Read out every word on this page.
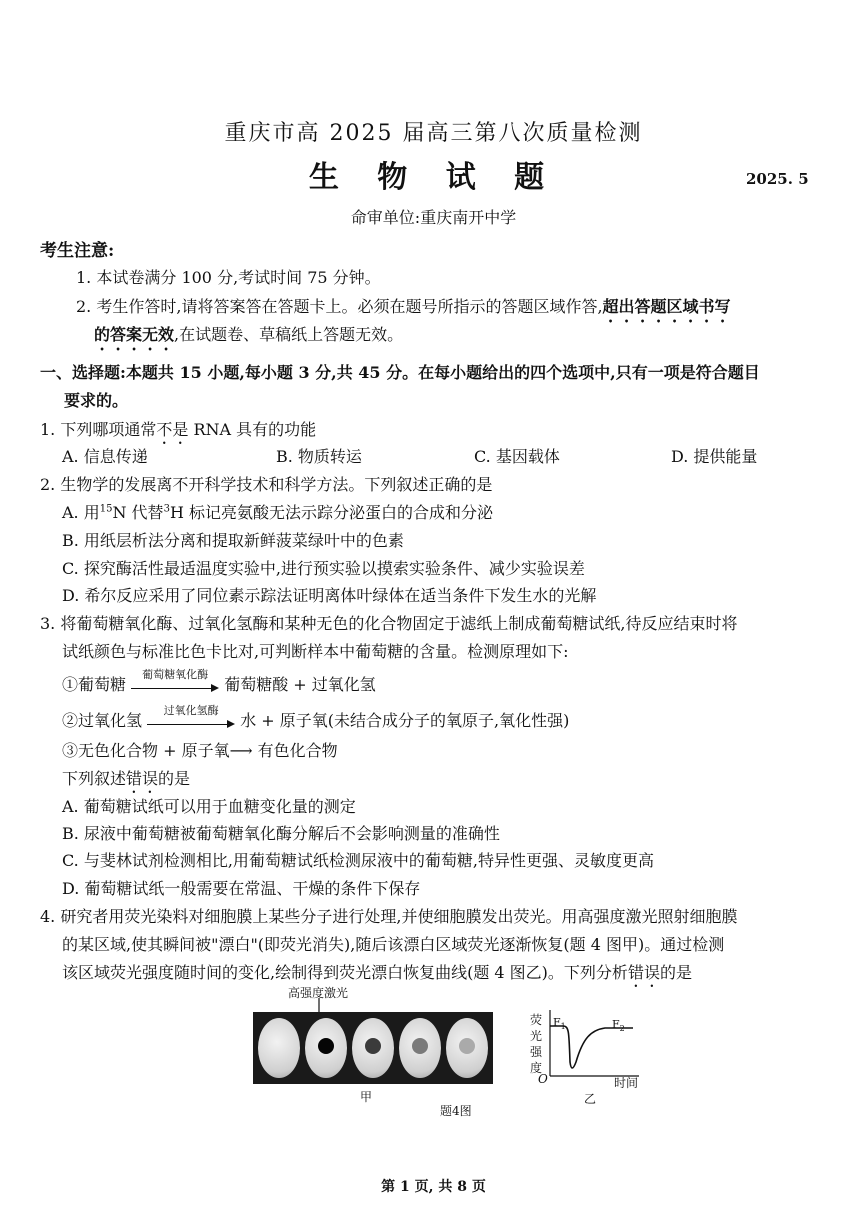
重庆市高 2025 届高三第八次质量检测
生 物 试 题	2025. 5
命审单位:重庆南开中学
考生注意:
1. 本试卷满分 100 分,考试时间 75 分钟。
2. 考生作答时,请将答案答在答题卡上。必须在题号所指示的答题区域作答,超出答题区域书写
的答案无效,在试题卷、草稿纸上答题无效。
一、选择题:本题共 15 小题,每小题 3 分,共 45 分。在每小题给出的四个选项中,只有一项是符合题目
要求的。
1. 下列哪项通常不是 RNA 具有的功能
A. 信息传递	B. 物质转运	C. 基因载体	D. 提供能量
2. 生物学的发展离不开科学技术和科学方法。下列叙述正确的是
A. 用$^{15}$N 代替$^3$H 标记亮氨酸无法示踪分泌蛋白的合成和分泌
B. 用纸层析法分离和提取新鲜菠菜绿叶中的色素
C. 探究酶活性最适温度实验中,进行预实验以摸索实验条件、减少实验误差
D. 希尔反应采用了同位素示踪法证明离体叶绿体在适当条件下发生水的光解
3. 将葡萄糖氧化酶、过氧化氢酶和某种无色的化合物固定于滤纸上制成葡萄糖试纸,待反应结束时将
试纸颜色与标准比色卡比对,可判断样本中葡萄糖的含量。检测原理如下:
①葡萄糖
葡萄糖氧化酶
葡萄糖酸 + 过氧化氢
②过氧化氢
过氧化氢酶
水 + 原子氧(未结合成分子的氧原子,氧化性强)
③无色化合物 + 原子氧⟶ 有色化合物
下列叙述错误的是
A. 葡萄糖试纸可以用于血糖变化量的测定
B. 尿液中葡萄糖被葡萄糖氧化酶分解后不会影响测量的准确性
C. 与斐林试剂检测相比,用葡萄糖试纸检测尿液中的葡萄糖,特异性更强、灵敏度更高
D. 葡萄糖试纸一般需要在常温、干燥的条件下保存
4. 研究者用荧光染料对细胞膜上某些分子进行处理,并使细胞膜发出荧光。用高强度激光照射细胞膜
的某区域,使其瞬间被"漂白"(即荧光消失),随后该漂白区域荧光逐渐恢复(题 4 图甲)。通过检测
该区域荧光强度随时间的变化,绘制得到荧光漂白恢复曲线(题 4 图乙)。下列分析错误的是
高强度激光
甲
题4图
荧
光
强
度
$F_1$	$F_2$
O	时间
乙
第 1 页, 共 8 页
